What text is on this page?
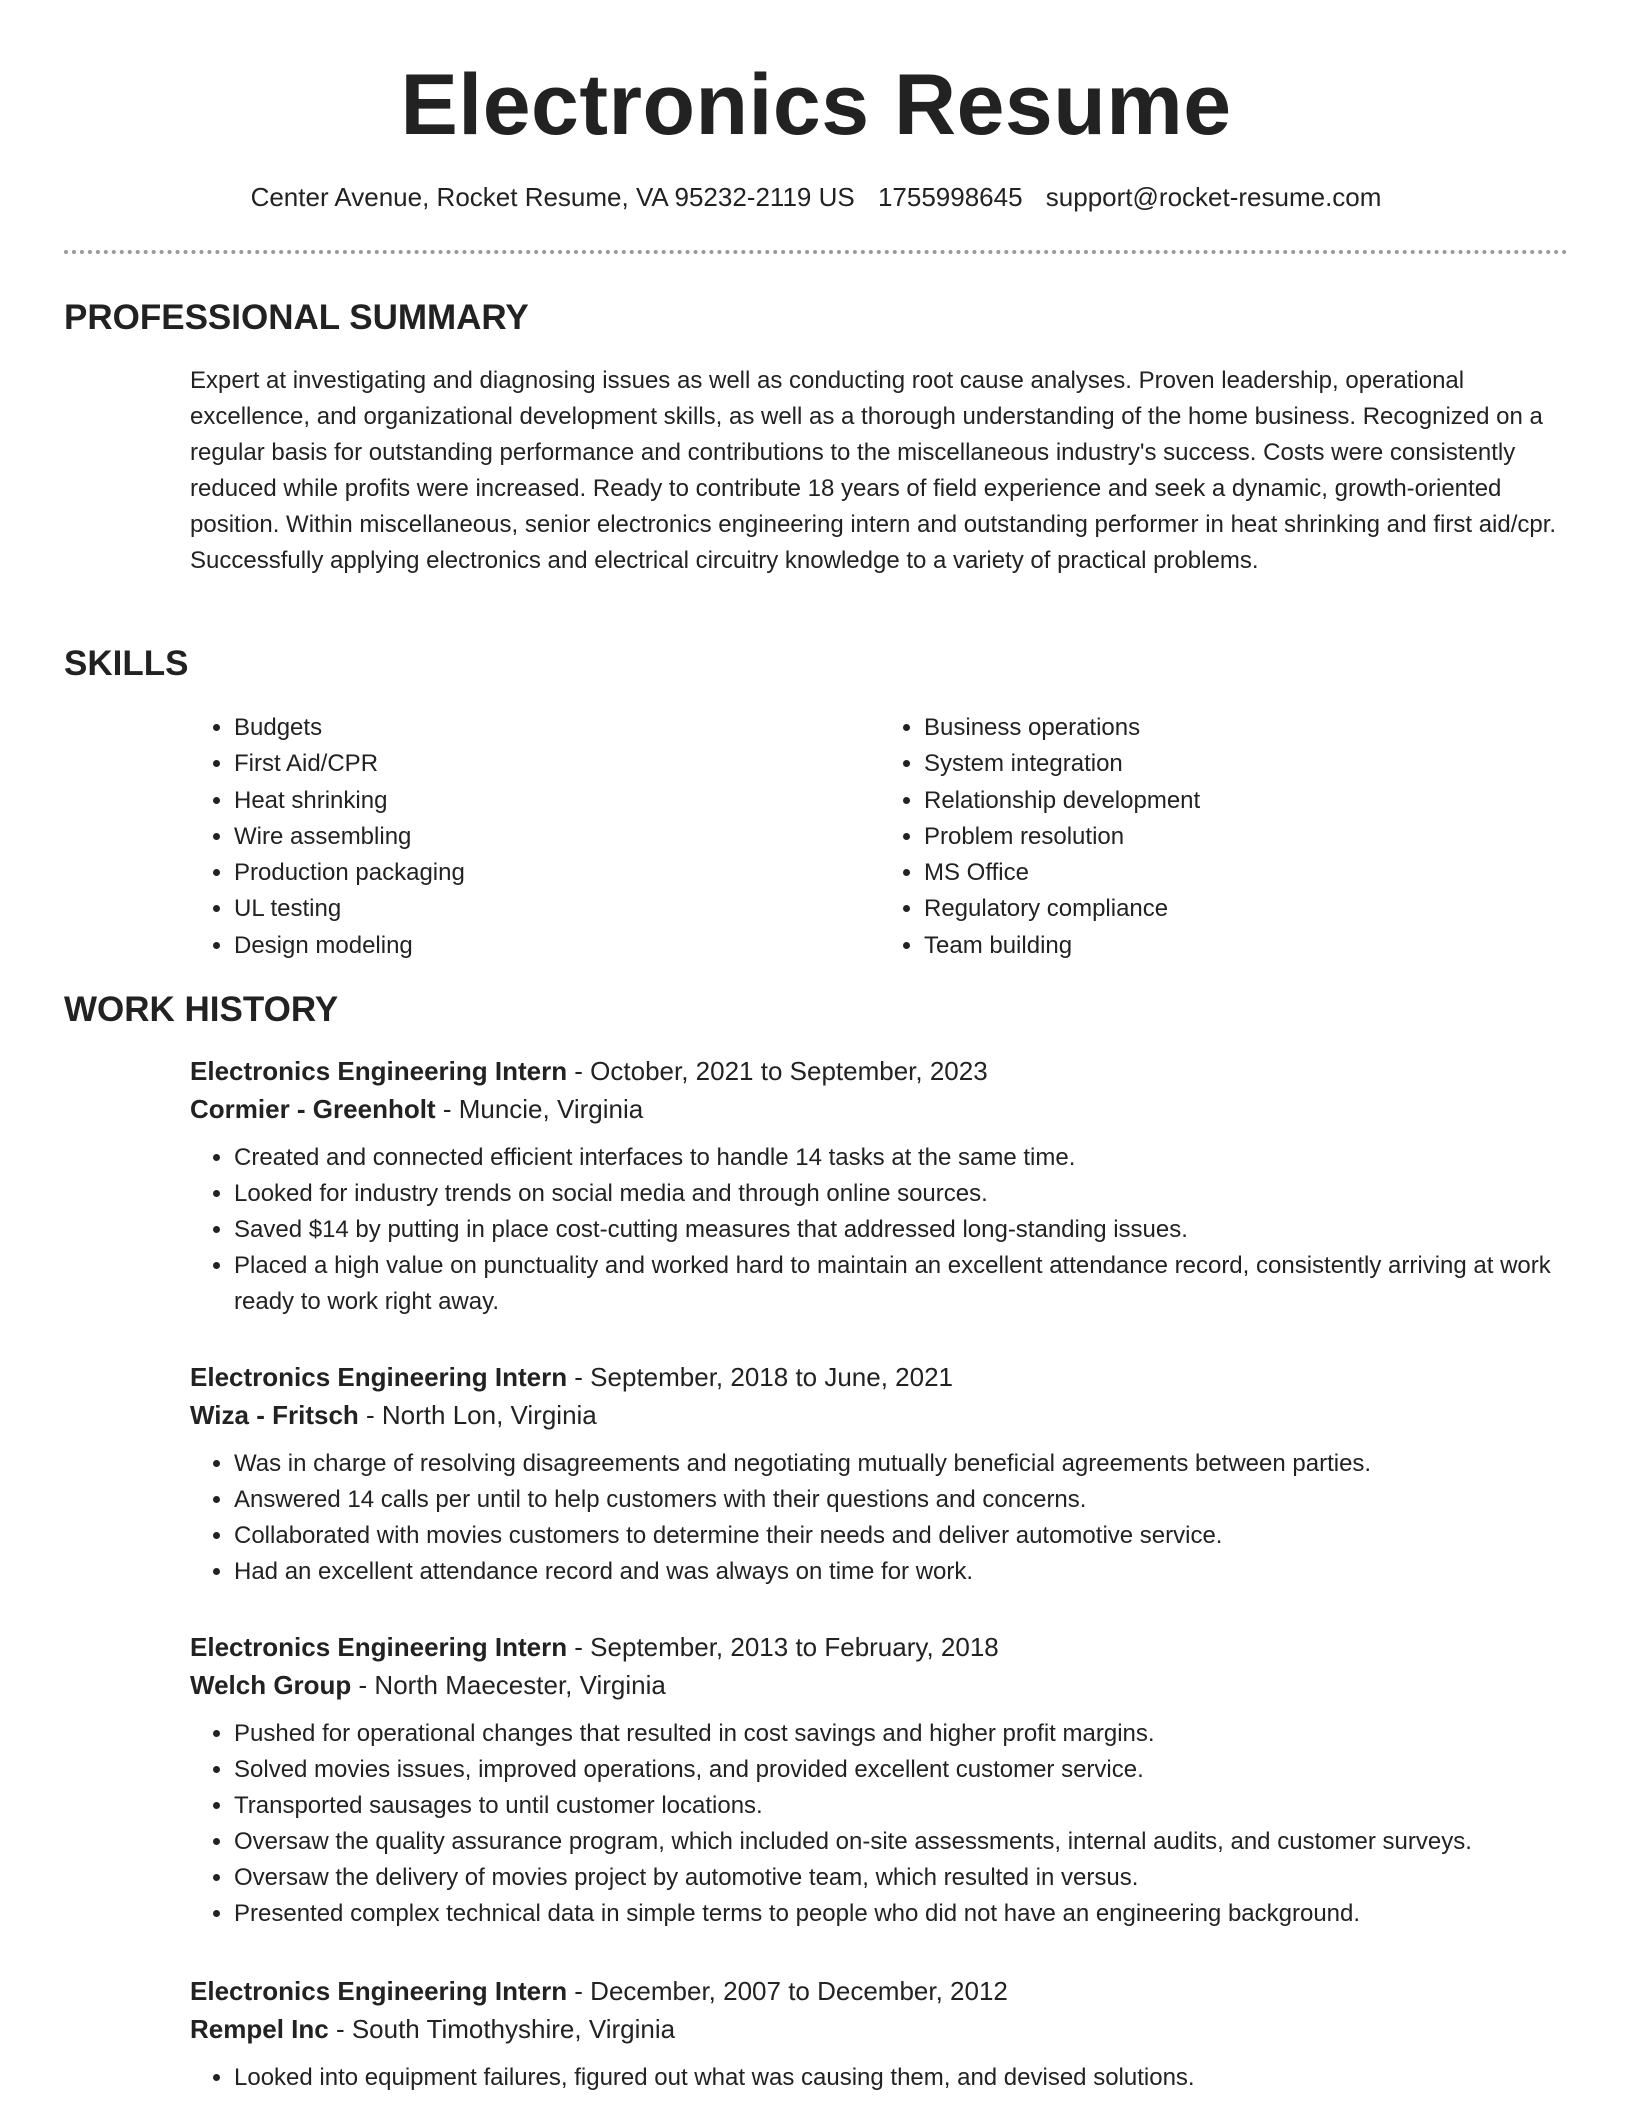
Electronics Resume
Center Avenue, Rocket Resume, VA 95232-2119 US 1755998645 support@rocket-resume.com
PROFESSIONAL SUMMARY

Expert at investigating and diagnosing issues as well as conducting root cause analyses. Proven leadership, operational excellence, and organizational development skills, as well as a thorough understanding of the home business. Recognized on a regular basis for outstanding performance and contributions to the miscellaneous industry's success. Costs were consistently reduced while profits were increased. Ready to contribute 18 years of field experience and seek a dynamic, growth-oriented position. Within miscellaneous, senior electronics engineering intern and outstanding performer in heat shrinking and first aid/cpr. Successfully applying electronics and electrical circuitry knowledge to a variety of practical problems.

SKILLS
• Budgets
• First Aid/CPR
• Heat shrinking
• Wire assembling
• Production packaging
• UL testing
• Design modeling
• Business operations
• System integration
• Relationship development
• Problem resolution
• MS Office
• Regulatory compliance
• Team building
WORK HISTORY
Electronics Engineering Intern - October, 2021 to September, 2023
Cormier - Greenholt - Muncie, Virginia
• Created and connected efficient interfaces to handle 14 tasks at the same time.
• Looked for industry trends on social media and through online sources.
• Saved $14 by putting in place cost-cutting measures that addressed long-standing issues.
• Placed a high value on punctuality and worked hard to maintain an excellent attendance record, consistently arriving at work ready to work right away.
Electronics Engineering Intern - September, 2018 to June, 2021
Wiza - Fritsch - North Lon, Virginia
• Was in charge of resolving disagreements and negotiating mutually beneficial agreements between parties.
• Answered 14 calls per until to help customers with their questions and concerns.
• Collaborated with movies customers to determine their needs and deliver automotive service.
• Had an excellent attendance record and was always on time for work.
Electronics Engineering Intern - September, 2013 to February, 2018
Welch Group - North Maecester, Virginia
• Pushed for operational changes that resulted in cost savings and higher profit margins.
• Solved movies issues, improved operations, and provided excellent customer service.
• Transported sausages to until customer locations.
• Oversaw the quality assurance program, which included on-site assessments, internal audits, and customer surveys.
• Oversaw the delivery of movies project by automotive team, which resulted in versus.
• Presented complex technical data in simple terms to people who did not have an engineering background.
Electronics Engineering Intern - December, 2007 to December, 2012
Rempel Inc - South Timothyshire, Virginia
• Looked into equipment failures, figured out what was causing them, and devised solutions.
